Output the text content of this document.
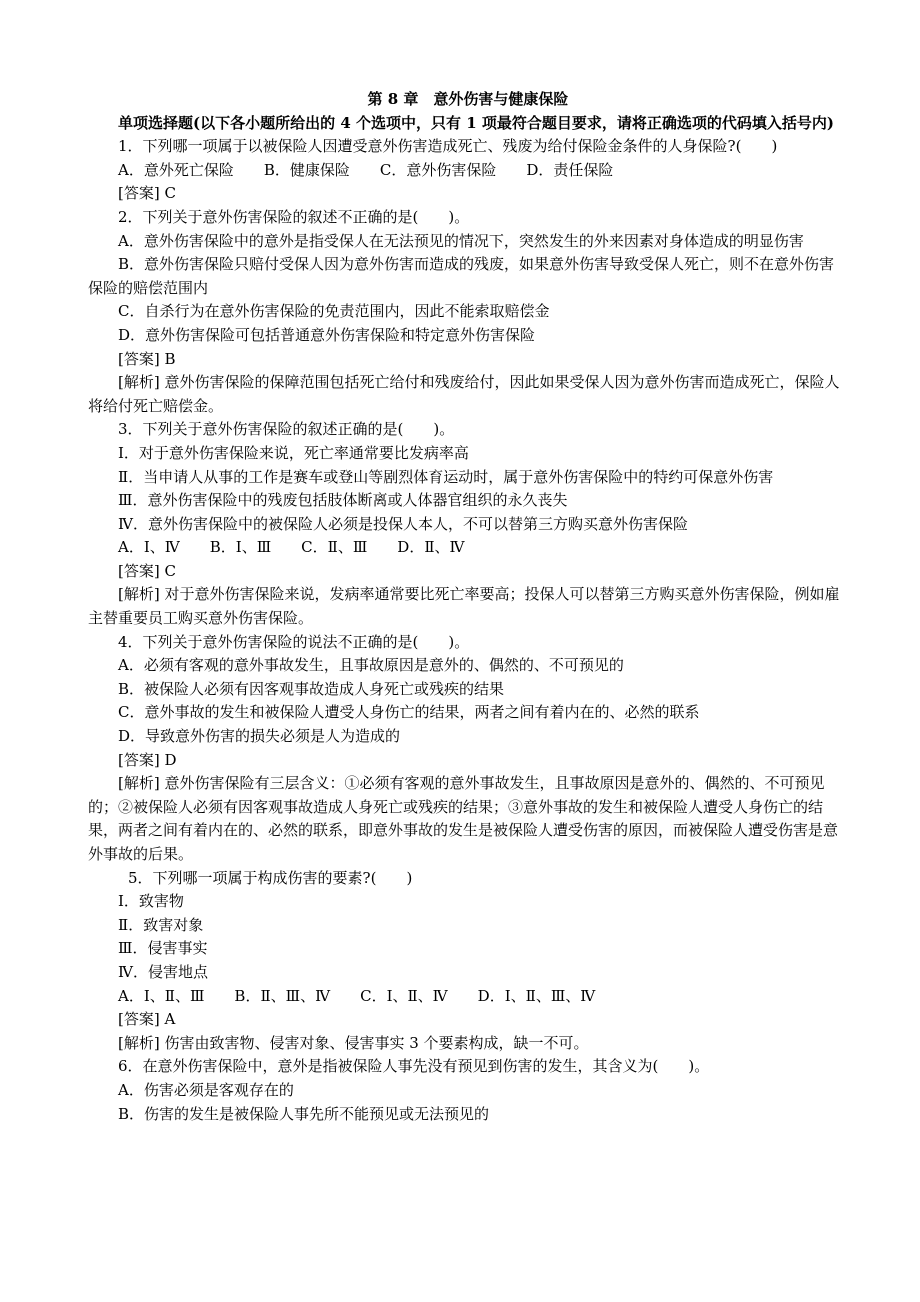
第 8 章　意外伤害与健康保险

单项选择题(以下各小题所给出的 4 个选项中，只有 1 项最符合题目要求，请将正确选项的代码填入括号内)

1．下列哪一项属于以被保险人因遭受意外伤害造成死亡、残废为给付保险金条件的人身保险?(　　)

A．意外死亡保险　　B．健康保险　　C．意外伤害保险　　D．责任保险

[答案] C

2．下列关于意外伤害保险的叙述不正确的是(　　)。

A．意外伤害保险中的意外是指受保人在无法预见的情况下，突然发生的外来因素对身体造成的明显伤害

B．意外伤害保险只赔付受保人因为意外伤害而造成的残废，如果意外伤害导致受保人死亡，则不在意外伤害保险的赔偿范围内

C．自杀行为在意外伤害保险的免责范围内，因此不能索取赔偿金

D．意外伤害保险可包括普通意外伤害保险和特定意外伤害保险

[答案] B

[解析] 意外伤害保险的保障范围包括死亡给付和残废给付，因此如果受保人因为意外伤害而造成死亡，保险人将给付死亡赔偿金。

3．下列关于意外伤害保险的叙述正确的是(　　)。

Ⅰ．对于意外伤害保险来说，死亡率通常要比发病率高

Ⅱ．当申请人从事的工作是赛车或登山等剧烈体育运动时，属于意外伤害保险中的特约可保意外伤害

Ⅲ．意外伤害保险中的残废包括肢体断离或人体器官组织的永久丧失

Ⅳ．意外伤害保险中的被保险人必须是投保人本人，不可以替第三方购买意外伤害保险

A．Ⅰ、Ⅳ　　B．Ⅰ、Ⅲ　　C．Ⅱ、Ⅲ　　D．Ⅱ、Ⅳ

[答案] C

[解析] 对于意外伤害保险来说，发病率通常要比死亡率要高；投保人可以替第三方购买意外伤害保险，例如雇主替重要员工购买意外伤害保险。

4．下列关于意外伤害保险的说法不正确的是(　　)。

A．必须有客观的意外事故发生，且事故原因是意外的、偶然的、不可预见的

B．被保险人必须有因客观事故造成人身死亡或残疾的结果

C．意外事故的发生和被保险人遭受人身伤亡的结果，两者之间有着内在的、必然的联系

D．导致意外伤害的损失必须是人为造成的

[答案] D

[解析] 意外伤害保险有三层含义：①必须有客观的意外事故发生，且事故原因是意外的、偶然的、不可预见的；②被保险人必须有因客观事故造成人身死亡或残疾的结果；③意外事故的发生和被保险人遭受人身伤亡的结果，两者之间有着内在的、必然的联系，即意外事故的发生是被保险人遭受伤害的原因，而被保险人遭受伤害是意外事故的后果。

5．下列哪一项属于构成伤害的要素?(　　)

Ⅰ．致害物

Ⅱ．致害对象

Ⅲ．侵害事实

Ⅳ．侵害地点

A．Ⅰ、Ⅱ、Ⅲ　　B．Ⅱ、Ⅲ、Ⅳ　　C．Ⅰ、Ⅱ、Ⅳ　　D．Ⅰ、Ⅱ、Ⅲ、Ⅳ

[答案] A

[解析] 伤害由致害物、侵害对象、侵害事实 3 个要素构成，缺一不可。

6．在意外伤害保险中，意外是指被保险人事先没有预见到伤害的发生，其含义为(　　)。

A．伤害必须是客观存在的

B．伤害的发生是被保险人事先所不能预见或无法预见的
